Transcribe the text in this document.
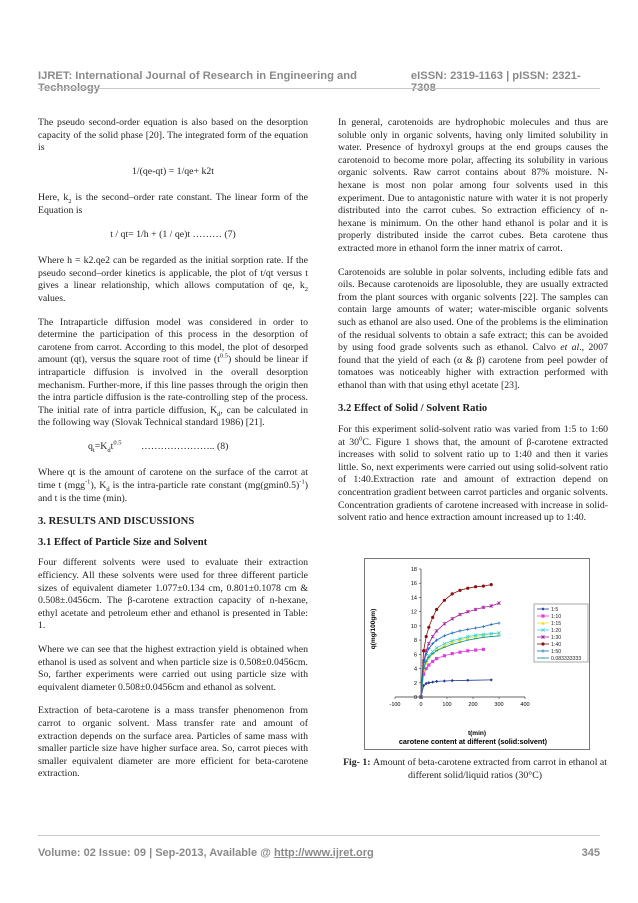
IJRET: International Journal of Research in Engineering and Technology
eISSN: 2319-1163 | pISSN: 2321-7308

The pseudo second-order equation is also based on the desorption capacity of the solid phase [20]. The integrated form of the equation is

1/(qe-qt) = 1/qe+ k2t

Here, $k_2$ is the second–order rate constant. The linear form of the Equation is

t / qt= 1/h + (1 / qe)t ……… (7)

Where h = k2.qe2 can be regarded as the initial sorption rate. If the pseudo second–order kinetics is applicable, the plot of t/qt versus t gives a linear relationship, which allows computation of qe, $k_2$ values.

The Intraparticle diffusion model was considered in order to determine the participation of this process in the desorption of carotene from carrot. According to this model, the plot of desorped amount (qt), versus the square root of time $(t^{0.5})$ should be linear if intraparticle diffusion is involved in the overall desorption mechanism. Further-more, if this line passes through the origin then the intra particle diffusion is the rate-controlling step of the process. The initial rate of intra particle diffusion, $K_d$, can be calculated in the following way (Slovak Technical standard 1986) [21].

$q_t=K_dt^{0.5}$        ………………….. (8)

Where qt is the amount of carotene on the surface of the carrot at time t (mgg$^{-1}$), $K_d$ is the intra-particle rate constant $(mg(gmin0.5)^{-1})$ and t is the time (min).

3. RESULTS AND DISCUSSIONS
3.1 Effect of Particle Size and Solvent

Four different solvents were used to evaluate their extraction efficiency. All these solvents were used for three different particle sizes of equivalent diameter 1.077±0.134 cm, 0.801±0.1078 cm & 0.508±.0456cm. The β-carotene extraction capacity of n-hexane, ethyl acetate and petroleum ether and ethanol is presented in Table: 1.

Where we can see that the highest extraction yield is obtained when ethanol is used as solvent and when particle size is 0.508±0.0456cm. So, farther experiments were carried out using particle size with equivalent diameter 0.508±0.0456cm and ethanol as solvent.

Extraction of beta-carotene is a mass transfer phenomenon from carrot to organic solvent. Mass transfer rate and amount of extraction depends on the surface area. Particles of same mass with smaller particle size have higher surface area. So, carrot pieces with smaller equivalent diameter are more efficient for beta-carotene extraction.

In general, carotenoids are hydrophobic molecules and thus are soluble only in organic solvents, having only limited solubility in water. Presence of hydroxyl groups at the end groups causes the carotenoid to become more polar, affecting its solubility in various organic solvents. Raw carrot contains about 87% moisture. N-hexane is most non polar among four solvents used in this experiment. Due to antagonistic nature with water it is not properly distributed into the carrot cubes. So extraction efficiency of n-hexane is minimum. On the other hand ethanol is polar and it is properly distributed inside the carrot cubes. Beta carotene thus extracted more in ethanol form the inner matrix of carrot.

Carotenoids are soluble in polar solvents, including edible fats and oils. Because carotenoids are liposoluble, they are usually extracted from the plant sources with organic solvents [22]. The samples can contain large amounts of water; water-miscible organic solvents such as ethanol are also used. One of the problems is the elimination of the residual solvents to obtain a safe extract; this can be avoided by using food grade solvents such as ethanol. Calvo et al., 2007 found that the yield of each (α & β) carotene from peel powder of tomatoes was noticeably higher with extraction performed with ethanol than with that using ethyl acetate [23].

3.2 Effect of Solid / Solvent Ratio

For this experiment solid-solvent ratio was varied from 1:5 to 1:60 at $30^0C$. Figure 1 shows that, the amount of β-carotene extracted increases with solid to solvent ratio up to 1:40 and then it varies little. So, next experiments were carried out using solid-solvent ratio of 1:40.Extraction rate and amount of extraction depend on concentration gradient between carrot particles and organic solvents. Concentration gradients of carotene increased with increase in solid-solvent ratio and hence extraction amount increased up to 1:40.

0
2
4
6
8
10
12
14
16
18
-100	0	100	200	300	400
1:5
1:10
1:15
1:20
1:30
1:40
1:50
0.083333333
q(mg/100gm)
t(min)
carotene content at different (solid:solvent)
Fig- 1: Amount of beta-carotene extracted from carrot in ethanol at different solid/liquid ratios (30°C)
Volume: 02 Issue: 09 | Sep-2013, Available @ http://www.ijret.org	345
